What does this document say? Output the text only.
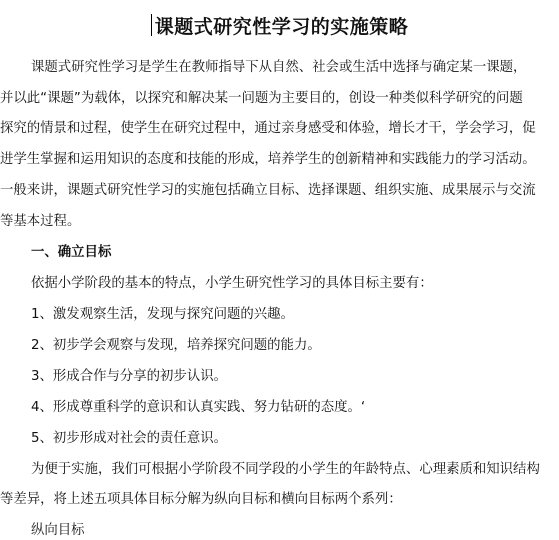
课题式研究性学习的实施策略
课题式研究性学习是学生在教师指导下从自然、社会或生活中选择与确定某一课题，
并以此“课题”为载体，以探究和解决某一问题为主要目的，创设一种类似科学研究的问题
探究的情景和过程，使学生在研究过程中，通过亲身感受和体验，增长才干，学会学习，促
进学生掌握和运用知识的态度和技能的形成，培养学生的创新精神和实践能力的学习活动。
一般来讲，课题式研究性学习的实施包括确立目标、选择课题、组织实施、成果展示与交流
等基本过程。
一、确立目标
依据小学阶段的基本的特点，小学生研究性学习的具体目标主要有：
1、激发观察生活，发现与探究问题的兴趣。
2、初步学会观察与发现，培养探究问题的能力。
3、形成合作与分享的初步认识。
4、形成尊重科学的意识和认真实践、努力钻研的态度。‘
5、初步形成对社会的责任意识。
为便于实施，我们可根据小学阶段不同学段的小学生的年龄特点、心理素质和知识结构
等差异，将上述五项具体目标分解为纵向目标和横向目标两个系列：
纵向目标
